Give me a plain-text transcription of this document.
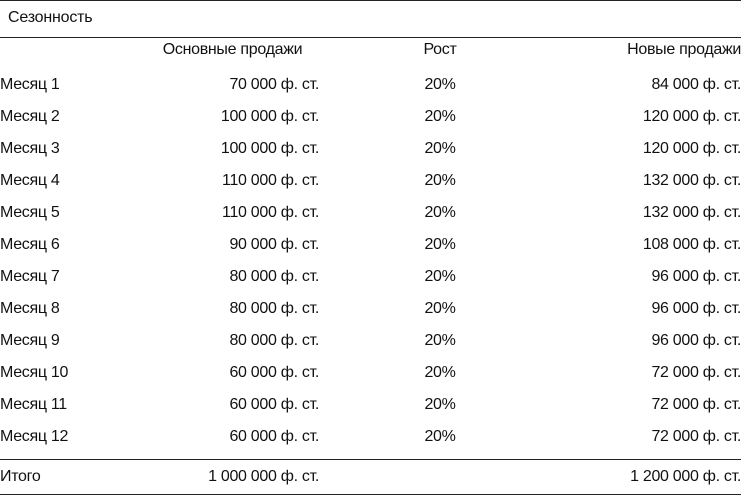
Сезонность
	Основные продажи	Рост	Новые продажи
Месяц 1	70 000 ф. ст.	20%	84 000 ф. ст.
Месяц 2	100 000 ф. ст.	20%	120 000 ф. ст.
Месяц 3	100 000 ф. ст.	20%	120 000 ф. ст.
Месяц 4	110 000 ф. ст.	20%	132 000 ф. ст.
Месяц 5	110 000 ф. ст.	20%	132 000 ф. ст.
Месяц 6	90 000 ф. ст.	20%	108 000 ф. ст.
Месяц 7	80 000 ф. ст.	20%	96 000 ф. ст.
Месяц 8	80 000 ф. ст.	20%	96 000 ф. ст.
Месяц 9	80 000 ф. ст.	20%	96 000 ф. ст.
Месяц 10	60 000 ф. ст.	20%	72 000 ф. ст.
Месяц 11	60 000 ф. ст.	20%	72 000 ф. ст.
Месяц 12	60 000 ф. ст.	20%	72 000 ф. ст.
Итого	1 000 000 ф. ст.		1 200 000 ф. ст.
